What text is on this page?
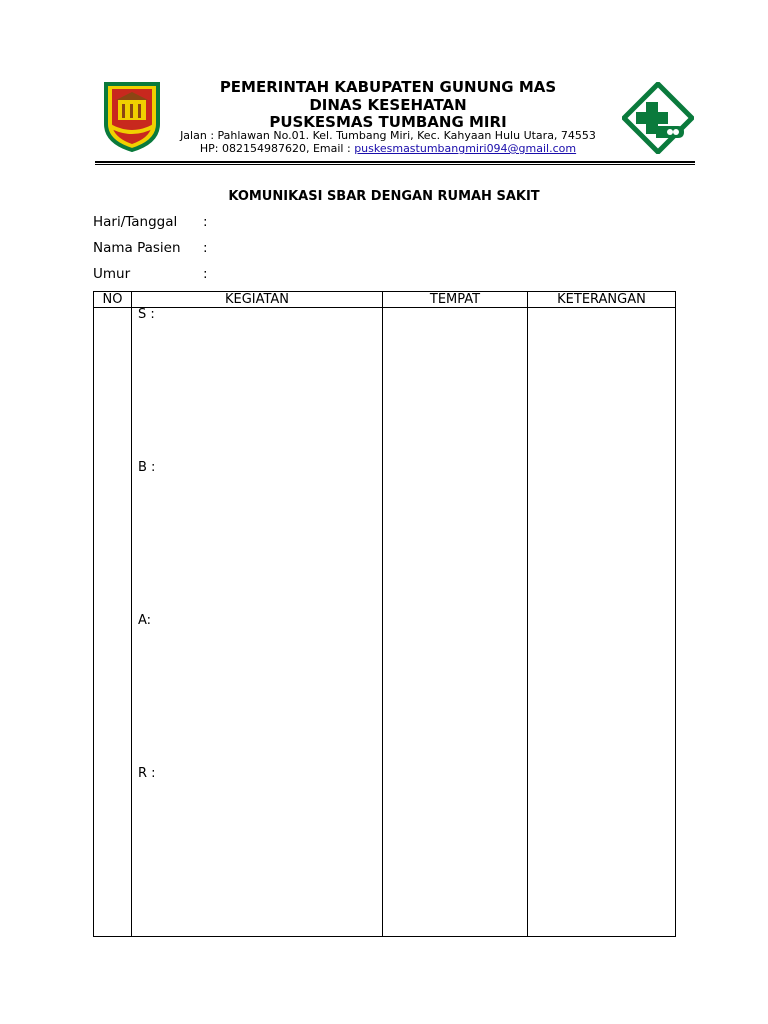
PEMERINTAH KABUPATEN GUNUNG MAS
DINAS KESEHATAN
PUSKESMAS TUMBANG MIRI
Jalan : Pahlawan No.01. Kel. Tumbang Miri, Kec. Kahyaan Hulu Utara, 74553
HP: 082154987620, Email : puskesmastumbangmiri094@gmail.com
KOMUNIKASI SBAR DENGAN RUMAH SAKIT
Hari/Tanggal :
Nama Pasien :
Umur	:
NO	KEGIATAN	TEMPAT	KETERANGAN

S :
B :
A:
R :
